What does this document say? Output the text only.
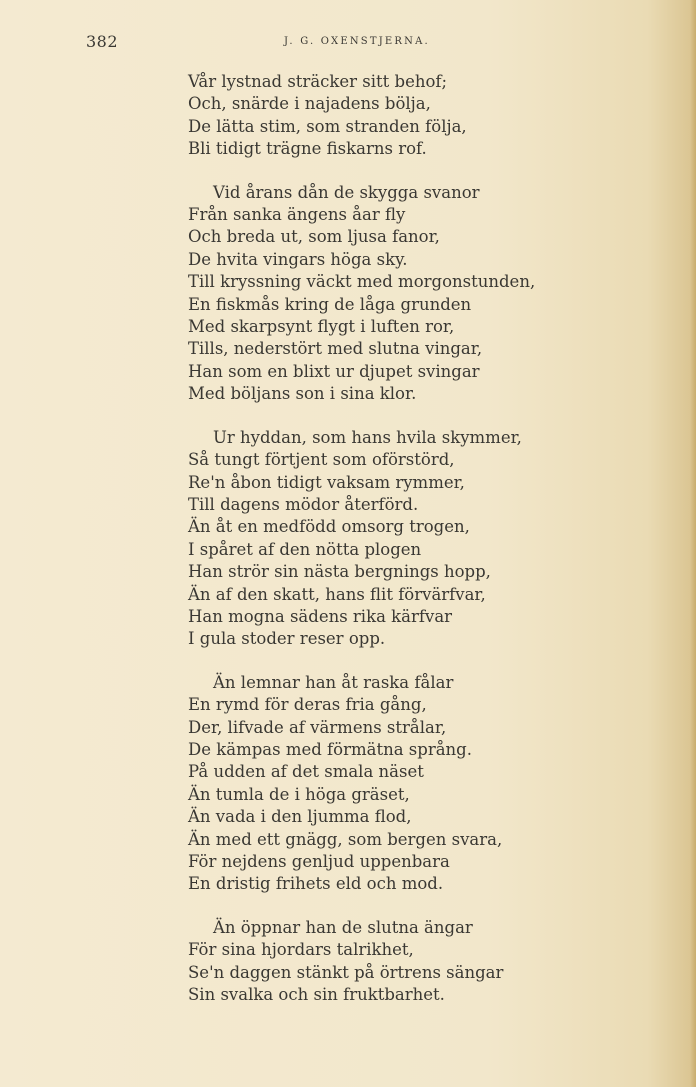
382	J. G. OXENSTJERNA.
Vår lystnad sträcker sitt behof;
Och, snärde i najadens bölja,
De lätta stim, som stranden följa,
Bli tidigt trägne fiskarns rof.
Vid årans dån de skygga svanor
Från sanka ängens åar fly
Och breda ut, som ljusa fanor,
De hvita vingars höga sky.
Till kryssning väckt med morgonstunden,
En fiskmås kring de låga grunden
Med skarpsynt flygt i luften ror,
Tills, nederstört med slutna vingar,
Han som en blixt ur djupet svingar
Med böljans son i sina klor.
Ur hyddan, som hans hvila skymmer,
Så tungt förtjent som oförstörd,
Re'n åbon tidigt vaksam rymmer,
Till dagens mödor återförd.
Än åt en medfödd omsorg trogen,
I spåret af den nötta plogen
Han strör sin nästa bergnings hopp,
Än af den skatt, hans flit förvärfvar,
Han mogna sädens rika kärfvar
I gula stoder reser opp.
Än lemnar han åt raska fålar
En rymd för deras fria gång,
Der, lifvade af värmens strålar,
De kämpas med förmätna språng.
På udden af det smala näset
Än tumla de i höga gräset,
Än vada i den ljumma flod,
Än med ett gnägg, som bergen svara,
För nejdens genljud uppenbara
En dristig frihets eld och mod.
Än öppnar han de slutna ängar
För sina hjordars talrikhet,
Se'n daggen stänkt på örtrens sängar
Sin svalka och sin fruktbarhet.
